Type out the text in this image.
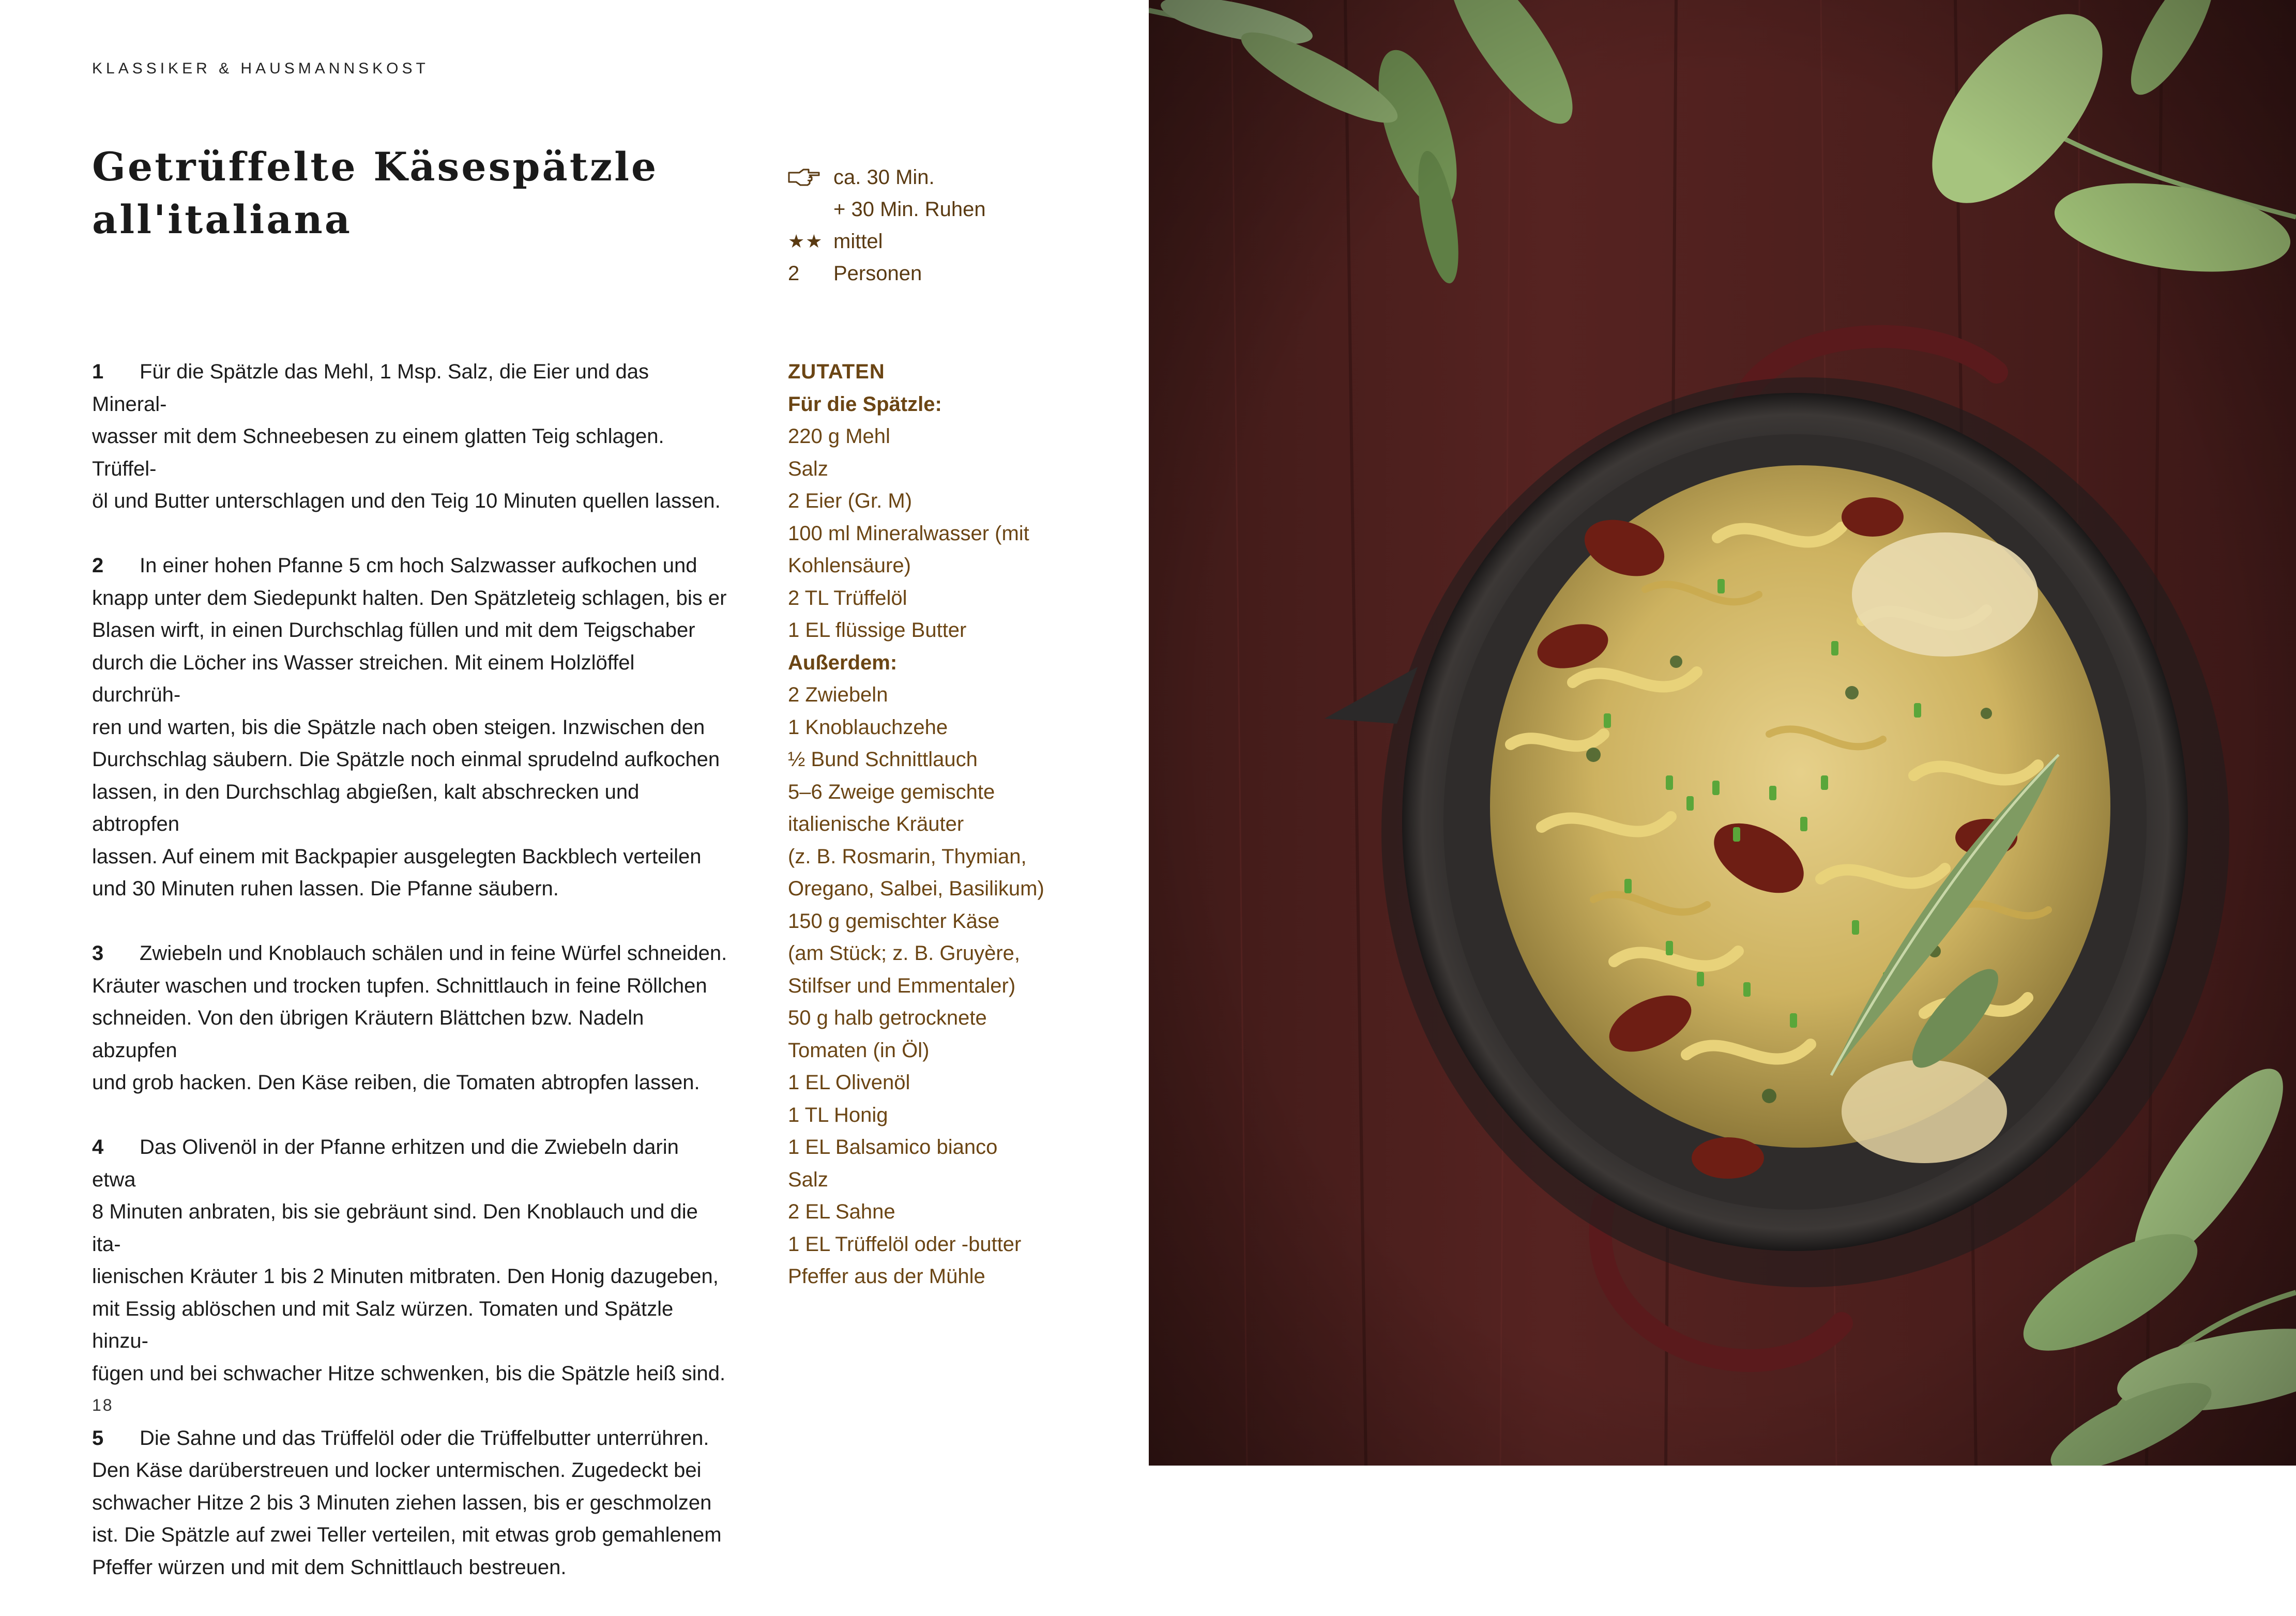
KLASSIKER & HAUSMANNSKOST
Getrüffelte Käsespätzle
all'italiana
ca. 30 Min.
+ 30 Min. Ruhen
★★ mittel
2	Personen
1 Für die Spätzle das Mehl, 1 Msp. Salz, die Eier und das Mineral-
wasser mit dem Schneebesen zu einem glatten Teig schlagen. Trüffel-
öl und Butter unterschlagen und den Teig 10 Minuten quellen lassen.
2 In einer hohen Pfanne 5 cm hoch Salzwasser aufkochen und
knapp unter dem Siedepunkt halten. Den Spätzleteig schlagen, bis er
Blasen wirft, in einen Durchschlag füllen und mit dem Teigschaber
durch die Löcher ins Wasser streichen. Mit einem Holzlöffel durchrüh-
ren und warten, bis die Spätzle nach oben steigen. Inzwischen den
Durchschlag säubern. Die Spätzle noch einmal sprudelnd aufkochen
lassen, in den Durchschlag abgießen, kalt abschrecken und abtropfen
lassen. Auf einem mit Backpapier ausgelegten Backblech verteilen
und 30 Minuten ruhen lassen. Die Pfanne säubern.
3 Zwiebeln und Knoblauch schälen und in feine Würfel schneiden.
Kräuter waschen und trocken tupfen. Schnittlauch in feine Röllchen
schneiden. Von den übrigen Kräutern Blättchen bzw. Nadeln abzupfen
und grob hacken. Den Käse reiben, die Tomaten abtropfen lassen.
4 Das Olivenöl in der Pfanne erhitzen und die Zwiebeln darin etwa
8 Minuten anbraten, bis sie gebräunt sind. Den Knoblauch und die ita-
lienischen Kräuter 1 bis 2 Minuten mitbraten. Den Honig dazugeben,
mit Essig ablöschen und mit Salz würzen. Tomaten und Spätzle hinzu-
fügen und bei schwacher Hitze schwenken, bis die Spätzle heiß sind.
5 Die Sahne und das Trüffelöl oder die Trüffelbutter unterrühren.
Den Käse darüberstreuen und locker untermischen. Zugedeckt bei
schwacher Hitze 2 bis 3 Minuten ziehen lassen, bis er geschmolzen
ist. Die Spätzle auf zwei Teller verteilen, mit etwas grob gemahlenem
Pfeffer würzen und mit dem Schnittlauch bestreuen.
ZUTATEN
Für die Spätzle:
220 g Mehl
Salz
2 Eier (Gr. M)
100 ml Mineralwasser (mit
Kohlensäure)
2 TL Trüffelöl
1 EL flüssige Butter
Außerdem:
2 Zwiebeln
1 Knoblauchzehe
½ Bund Schnittlauch
5–6 Zweige gemischte
italienische Kräuter
(z. B. Rosmarin, Thymian,
Oregano, Salbei, Basilikum)
150 g gemischter Käse
(am Stück; z. B. Gruyère,
Stilfser und Emmentaler)
50 g halb getrocknete
Tomaten (in Öl)
1 EL Olivenöl
1 TL Honig
1 EL Balsamico bianco
Salz
2 EL Sahne
1 EL Trüffelöl oder -butter
Pfeffer aus der Mühle
18
